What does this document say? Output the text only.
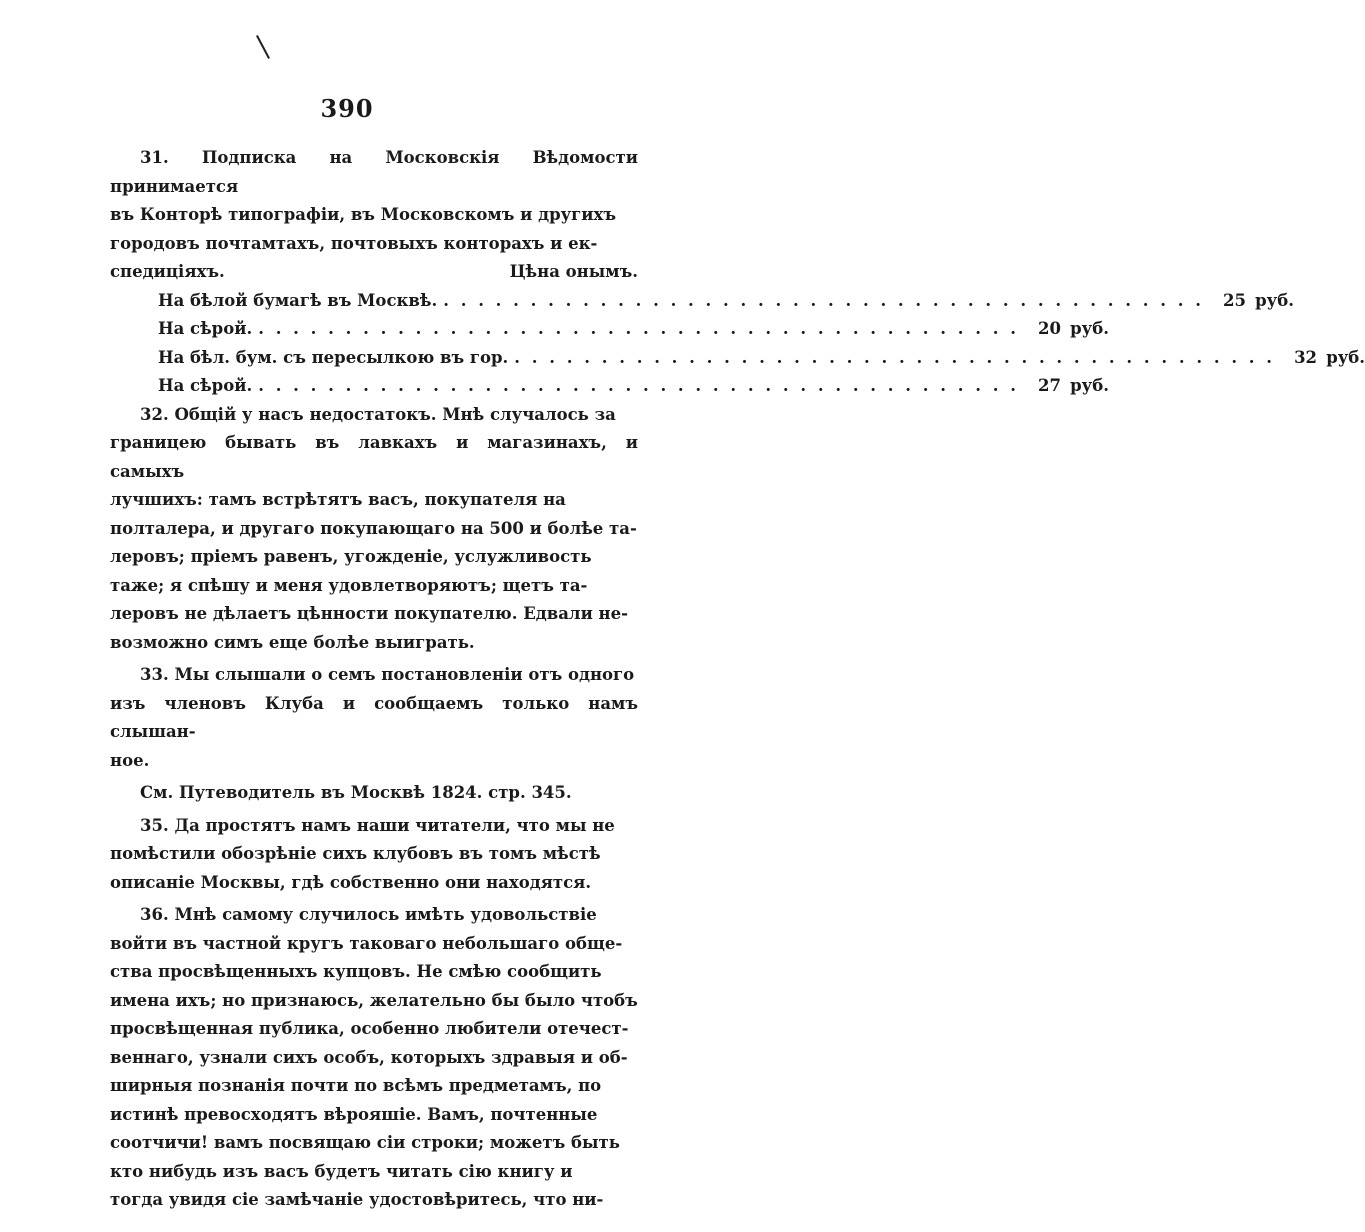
390
31. Подписка на Московскія Вѣдомости принимается
въ Конторѣ типографіи, въ Московскомъ и другихъ
городовъ почтамтахъ, почтовыхъ конторахъ и ек-
спедиціяхъ.	Цѣна онымъ.
На бѣлой бумагѣ въ Москвѣ. . . . . . . . . . . . . . . . . . . . . . . . . . . . . . . . . . . . . . . . . . . . .	25 руб.
На сѣрой. . . . . . . . . . . . . . . . . . . . . . . . . . . . . . . . . . . . . . . . . . . . .	20 руб.
На бѣл. бум. съ пересылкою въ гор. . . . . . . . . . . . . . . . . . . . . . . . . . . . . . . . . . . . . . . . . . . . .	32 руб.
На сѣрой. . . . . . . . . . . . . . . . . . . . . . . . . . . . . . . . . . . . . . . . . . . . .	27 руб.
32. Общій у насъ недостатокъ. Мнѣ случалось за
границею бывать въ лавкахъ и магазинахъ, и самыхъ
лучшихъ: тамъ встрѣтятъ васъ, покупателя на
полталера, и другаго покупающаго на 500 и болѣе та-
леровъ; пріемъ равенъ, угожденіе, услужливость
таже; я спѣшу и меня удовлетворяютъ; щетъ та-
леровъ не дѣлаетъ цѣнности покупателю. Едвали не-
возможно симъ еще болѣе выиграть.
33. Мы слышали о семъ постановленіи отъ одного
изъ членовъ Клуба и сообщаемъ только намъ слышан-
ное.
См. Путеводитель въ Москвѣ 1824. стр. 345.
35. Да простятъ намъ наши читатели, что мы не
помѣстили обозрѣніе сихъ клубовъ въ томъ мѣстѣ
описаніе Москвы, гдѣ собственно они находятся.
36. Мнѣ самому случилось имѣть удовольствіе
войти въ частной кругъ таковаго небольшаго обще-
ства просвѣщенныхъ купцовъ. Не смѣю сообщить
имена ихъ; но признаюсь, желательно бы было чтобъ
просвѣщенная публика, особенно любители отечест-
веннаго, узнали сихъ особъ, которыхъ здравыя и об-
ширныя познанія почти по всѣмъ предметамъ, по
истинѣ превосходятъ вѣрояшіе. Вамъ, почтенные
соотчичи! вамъ посвящаю сіи строки; можетъ быть
кто нибудь изъ васъ будетъ читать сію книгу и
тогда увидя сіе замѣчаніе удостовѣритесь, что ни-
